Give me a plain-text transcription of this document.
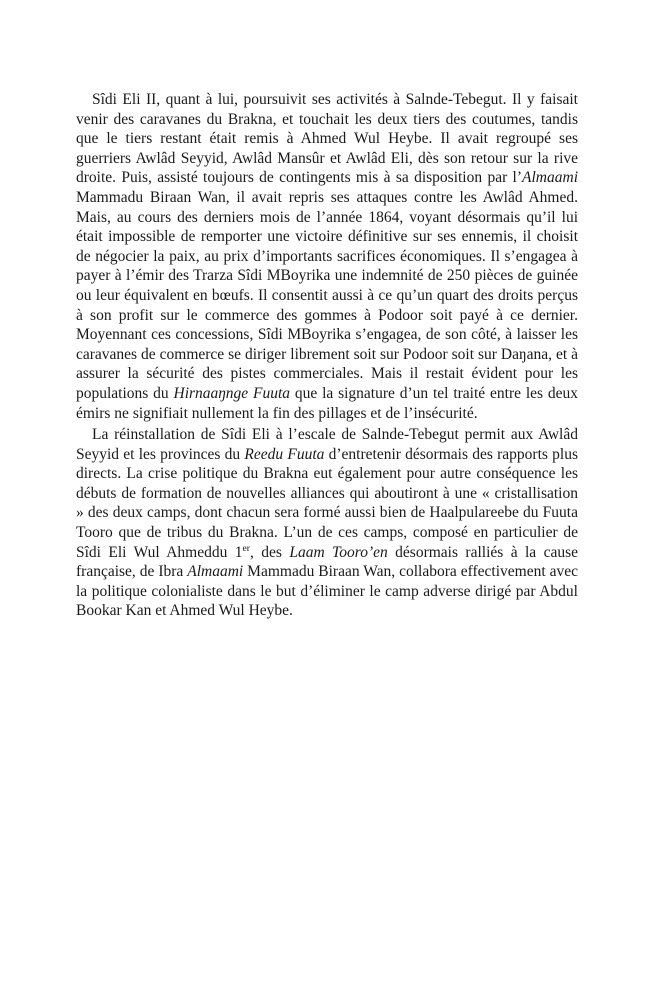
Sîdi Eli II, quant à lui, poursuivit ses activités à Salnde-Tebegut. Il y faisait venir des caravanes du Brakna, et touchait les deux tiers des coutumes, tandis que le tiers restant était remis à Ahmed Wul Heybe. Il avait regroupé ses guerriers Awlâd Seyyid, Awlâd Mansûr et Awlâd Eli, dès son retour sur la rive droite. Puis, assisté toujours de contingents mis à sa disposition par l’Almaami Mammadu Biraan Wan, il avait repris ses attaques contre les Awlâd Ahmed. Mais, au cours des derniers mois de l’année 1864, voyant désormais qu’il lui était impossible de remporter une victoire définitive sur ses ennemis, il choisit de négocier la paix, au prix d’importants sacrifices économiques. Il s’engagea à payer à l’émir des Trarza Sîdi MBoyrika une indemnité de 250 pièces de guinée ou leur équivalent en bœufs. Il consentit aussi à ce qu’un quart des droits perçus à son profit sur le commerce des gommes à Podoor soit payé à ce dernier. Moyennant ces concessions, Sîdi MBoyrika s’engagea, de son côté, à laisser les caravanes de commerce se diriger librement soit sur Podoor soit sur Daŋana, et à assurer la sécurité des pistes commerciales. Mais il restait évident pour les populations du Hirnaaŋnge Fuuta que la signature d’un tel traité entre les deux émirs ne signifiait nullement la fin des pillages et de l’insécurité.

La réinstallation de Sîdi Eli à l’escale de Salnde-Tebegut permit aux Awlâd Seyyid et les provinces du Reedu Fuuta d’entretenir désormais des rapports plus directs. La crise politique du Brakna eut également pour autre conséquence les débuts de formation de nouvelles alliances qui aboutiront à une « cristallisation » des deux camps, dont chacun sera formé aussi bien de Haalpulareebe du Fuuta Tooro que de tribus du Brakna. L’un de ces camps, composé en particulier de Sîdi Eli Wul Ahmeddu 1er, des Laam Tooro’en désormais ralliés à la cause française, de Ibra Almaami Mammadu Biraan Wan, collabora effectivement avec la politique colonialiste dans le but d’éliminer le camp adverse dirigé par Abdul Bookar Kan et Ahmed Wul Heybe.
